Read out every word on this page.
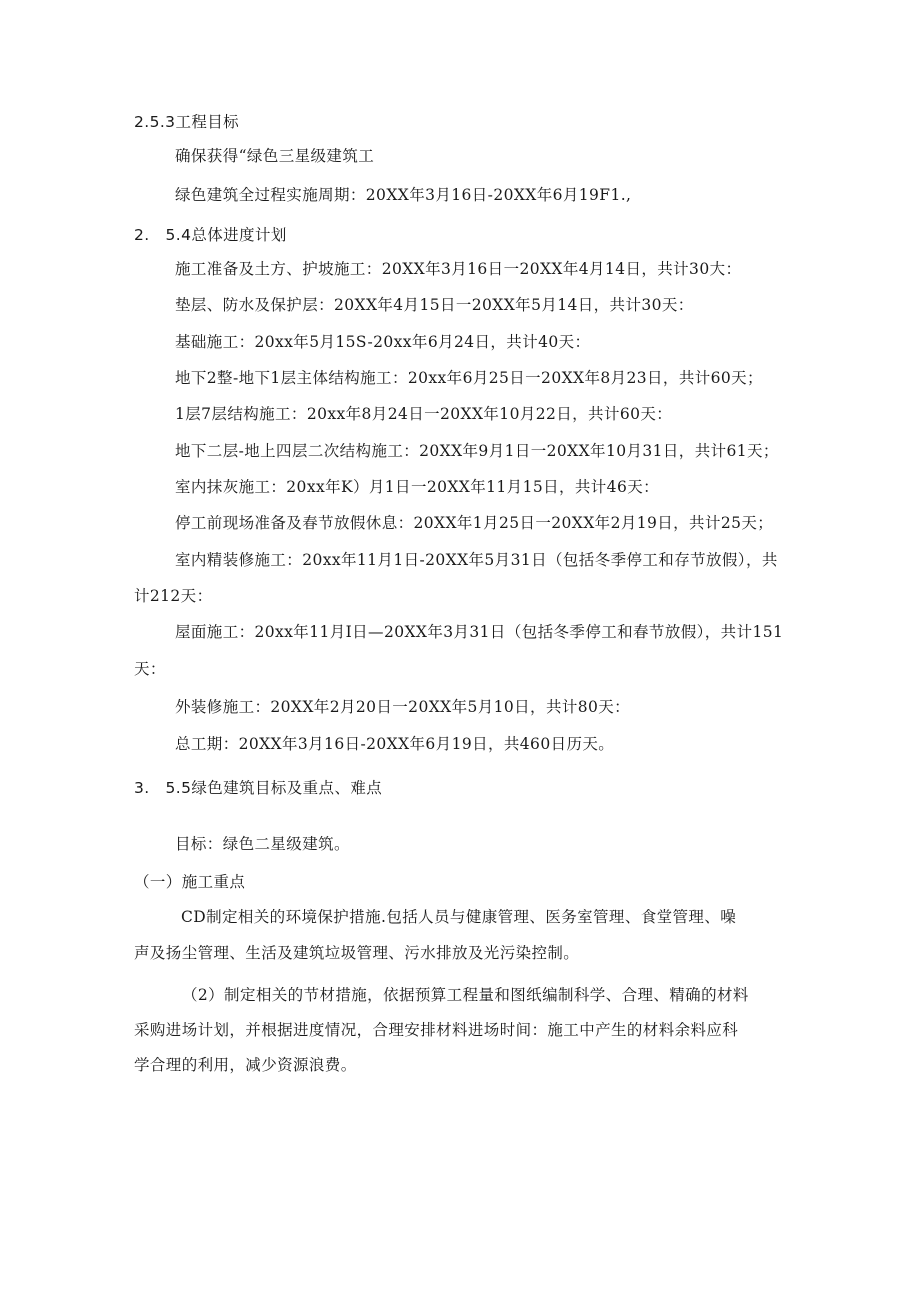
2.5.3工程目标
确保获得“绿色三星级建筑工
绿色建筑全过程实施周期：20XX年3月16日-20XX年6月19F1.,
2.　5.4总体进度计划
施工准备及土方、护坡施工：20XX年3月16日一20XX年4月14日，共计30大：
垫层、防水及保护层：20XX年4月15日一20XX年5月14日，共计30天：
基础施工：20xx年5月15S-20xx年6月24日，共计40天：
地下2整-地下1层主体结构施工：20xx年6月25日一20XX年8月23日，共计60天；
1层7层结构施工：20xx年8月24日一20XX年10月22日，共计60天：
地下二层-地上四层二次结构施工：20XX年9月1日一20XX年10月31日，共计61天；
室内抹灰施工：20xx年K）月1日一20XX年11月15日，共计46天：
停工前现场准备及春节放假休息：20XX年1月25日一20XX年2月19日，共计25天；
室内精装修施工：20xx年11月1日-20XX年5月31日（包括冬季停工和存节放假），共
计212天：
屋面施工：20xx年11月I日—20XX年3月31日（包括冬季停工和春节放假），共计151
天：
外装修施工：20XX年2月20日一20XX年5月10日，共计80天：
总工期：20XX年3月16日-20XX年6月19日，共460日历天。
3.　5.5绿色建筑目标及重点、难点
目标：绿色二星级建筑。
（一）施工重点
CD制定相关的环境保护措施.包括人员与健康管理、医务室管理、食堂管理、噪
声及扬尘管理、生活及建筑垃圾管理、污水排放及光污染控制。
（2）制定相关的节材措施，依据预算工程量和图纸编制科学、合理、精确的材料
采购进场计划，并根据进度情况，合理安排材料进场时间：施工中产生的材料余料应科
学合理的利用，减少资源浪费。
